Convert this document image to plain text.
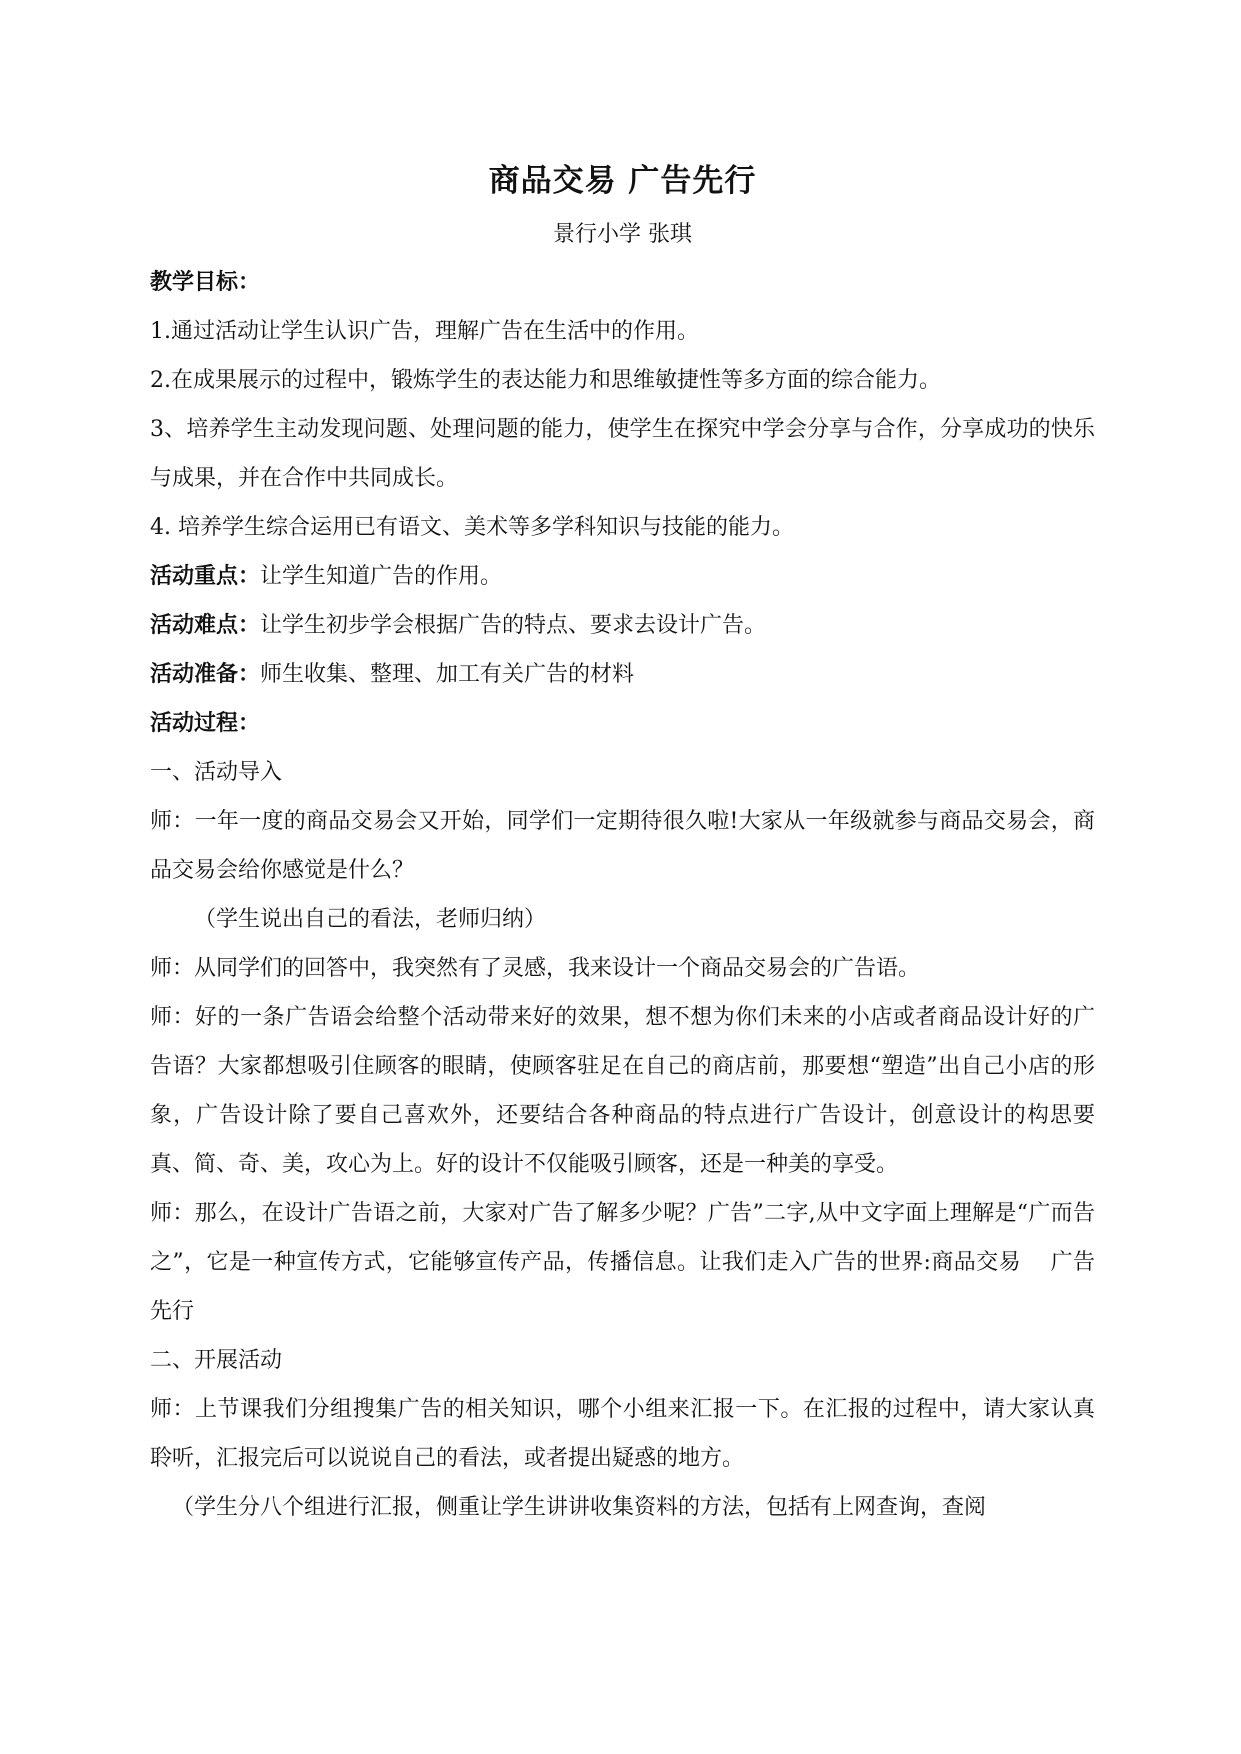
商品交易 广告先行

景行小学 张琪

教学目标：

1.通过活动让学生认识广告，理解广告在生活中的作用。

2.在成果展示的过程中，锻炼学生的表达能力和思维敏捷性等多方面的综合能力。

3、培养学生主动发现问题、处理问题的能力，使学生在探究中学会分享与合作，分享成功的快乐与成果，并在合作中共同成长。

4. 培养学生综合运用已有语文、美术等多学科知识与技能的能力。

活动重点：让学生知道广告的作用。

活动难点：让学生初步学会根据广告的特点、要求去设计广告。

活动准备：师生收集、整理、加工有关广告的材料

活动过程：

一、活动导入

师：一年一度的商品交易会又开始，同学们一定期待很久啦!大家从一年级就参与商品交易会，商品交易会给你感觉是什么？

（学生说出自己的看法，老师归纳）

师：从同学们的回答中，我突然有了灵感，我来设计一个商品交易会的广告语。

师：好的一条广告语会给整个活动带来好的效果，想不想为你们未来的小店或者商品设计好的广告语？大家都想吸引住顾客的眼睛，使顾客驻足在自己的商店前，那要想“塑造”出自己小店的形象，广告设计除了要自己喜欢外，还要结合各种商品的特点进行广告设计，创意设计的构思要真、简、奇、美，攻心为上。好的设计不仅能吸引顾客，还是一种美的享受。

师：那么，在设计广告语之前，大家对广告了解多少呢？广告”二字,从中文字面上理解是“广而告之”，它是一种宣传方式，它能够宣传产品，传播信息。让我们走入广告的世界:商品交易    广告先行

二、开展活动

师：上节课我们分组搜集广告的相关知识，哪个小组来汇报一下。在汇报的过程中，请大家认真聆听，汇报完后可以说说自己的看法，或者提出疑惑的地方。

（学生分八个组进行汇报，侧重让学生讲讲收集资料的方法，包括有上网查询，查阅
